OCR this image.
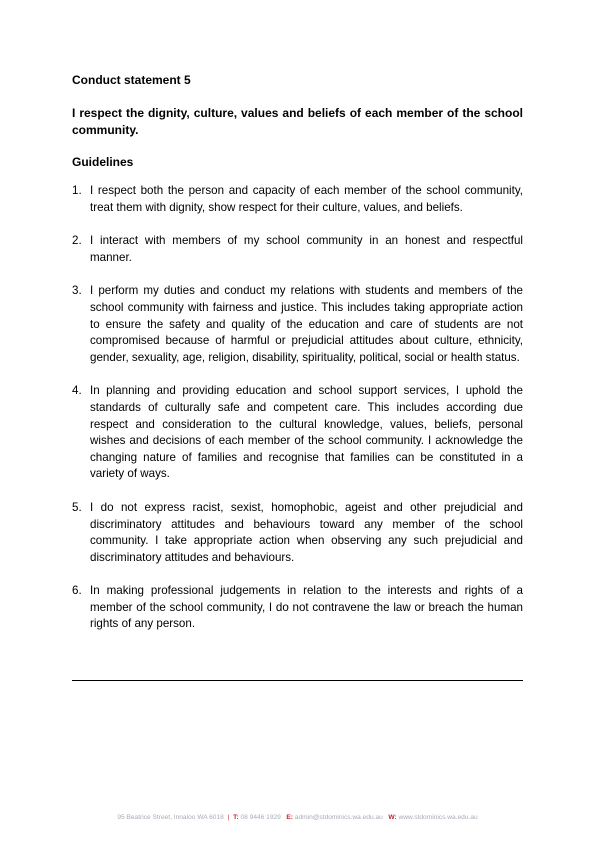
Conduct statement 5

I respect the dignity, culture, values and beliefs of each member of the school community.

Guidelines

1. I respect both the person and capacity of each member of the school community, treat them with dignity, show respect for their culture, values, and beliefs.
2. I interact with members of my school community in an honest and respectful manner.
3. I perform my duties and conduct my relations with students and members of the school community with fairness and justice. This includes taking appropriate action to ensure the safety and quality of the education and care of students are not compromised because of harmful or prejudicial attitudes about culture, ethnicity, gender, sexuality, age, religion, disability, spirituality, political, social or health status.
4. In planning and providing education and school support services, I uphold the standards of culturally safe and competent care. This includes according due respect and consideration to the cultural knowledge, values, beliefs, personal wishes and decisions of each member of the school community. I acknowledge the changing nature of families and recognise that families can be constituted in a variety of ways.
5. I do not express racist, sexist, homophobic, ageist and other prejudicial and discriminatory attitudes and behaviours toward any member of the school community. I take appropriate action when observing any such prejudicial and discriminatory attitudes and behaviours.
6. In making professional judgements in relation to the interests and rights of a member of the school community, I do not contravene the law or breach the human rights of any person.
95 Beatrice Street, Innaloo WA 6018 | T: 08 9446 1929 E: admin@stdominics.wa.edu.au W: www.stdominics.wa.edu.au
